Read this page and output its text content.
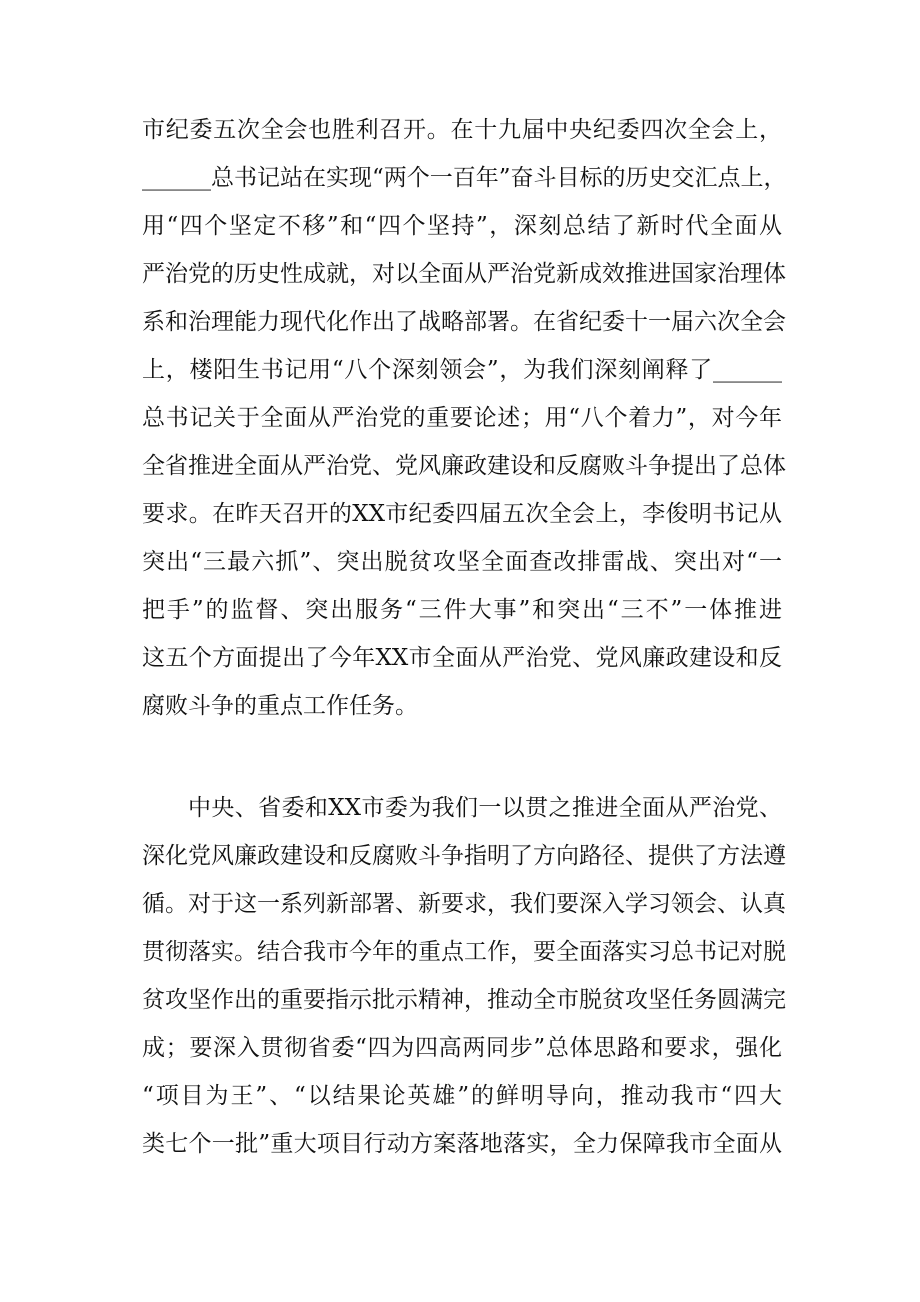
市纪委五次全会也胜利召开。在十九届中央纪委四次全会上，
______总书记站在实现“两个一百年”奋斗目标的历史交汇点上，
用“四个坚定不移”和“四个坚持”，深刻总结了新时代全面从
严治党的历史性成就，对以全面从严治党新成效推进国家治理体
系和治理能力现代化作出了战略部署。在省纪委十一届六次全会
上，楼阳生书记用“八个深刻领会”，为我们深刻阐释了______
总书记关于全面从严治党的重要论述；用“八个着力”，对今年
全省推进全面从严治党、党风廉政建设和反腐败斗争提出了总体
要求。在昨天召开的XX市纪委四届五次全会上，李俊明书记从
突出“三最六抓”、突出脱贫攻坚全面查改排雷战、突出对“一
把手”的监督、突出服务“三件大事”和突出“三不”一体推进
这五个方面提出了今年XX市全面从严治党、党风廉政建设和反
腐败斗争的重点工作任务。
中央、省委和XX市委为我们一以贯之推进全面从严治党、
深化党风廉政建设和反腐败斗争指明了方向路径、提供了方法遵
循。对于这一系列新部署、新要求，我们要深入学习领会、认真
贯彻落实。结合我市今年的重点工作，要全面落实习总书记对脱
贫攻坚作出的重要指示批示精神，推动全市脱贫攻坚任务圆满完
成；要深入贯彻省委“四为四高两同步”总体思路和要求，强化
“项目为王”、“以结果论英雄”的鲜明导向，推动我市“四大
类七个一批”重大项目行动方案落地落实，全力保障我市全面从
